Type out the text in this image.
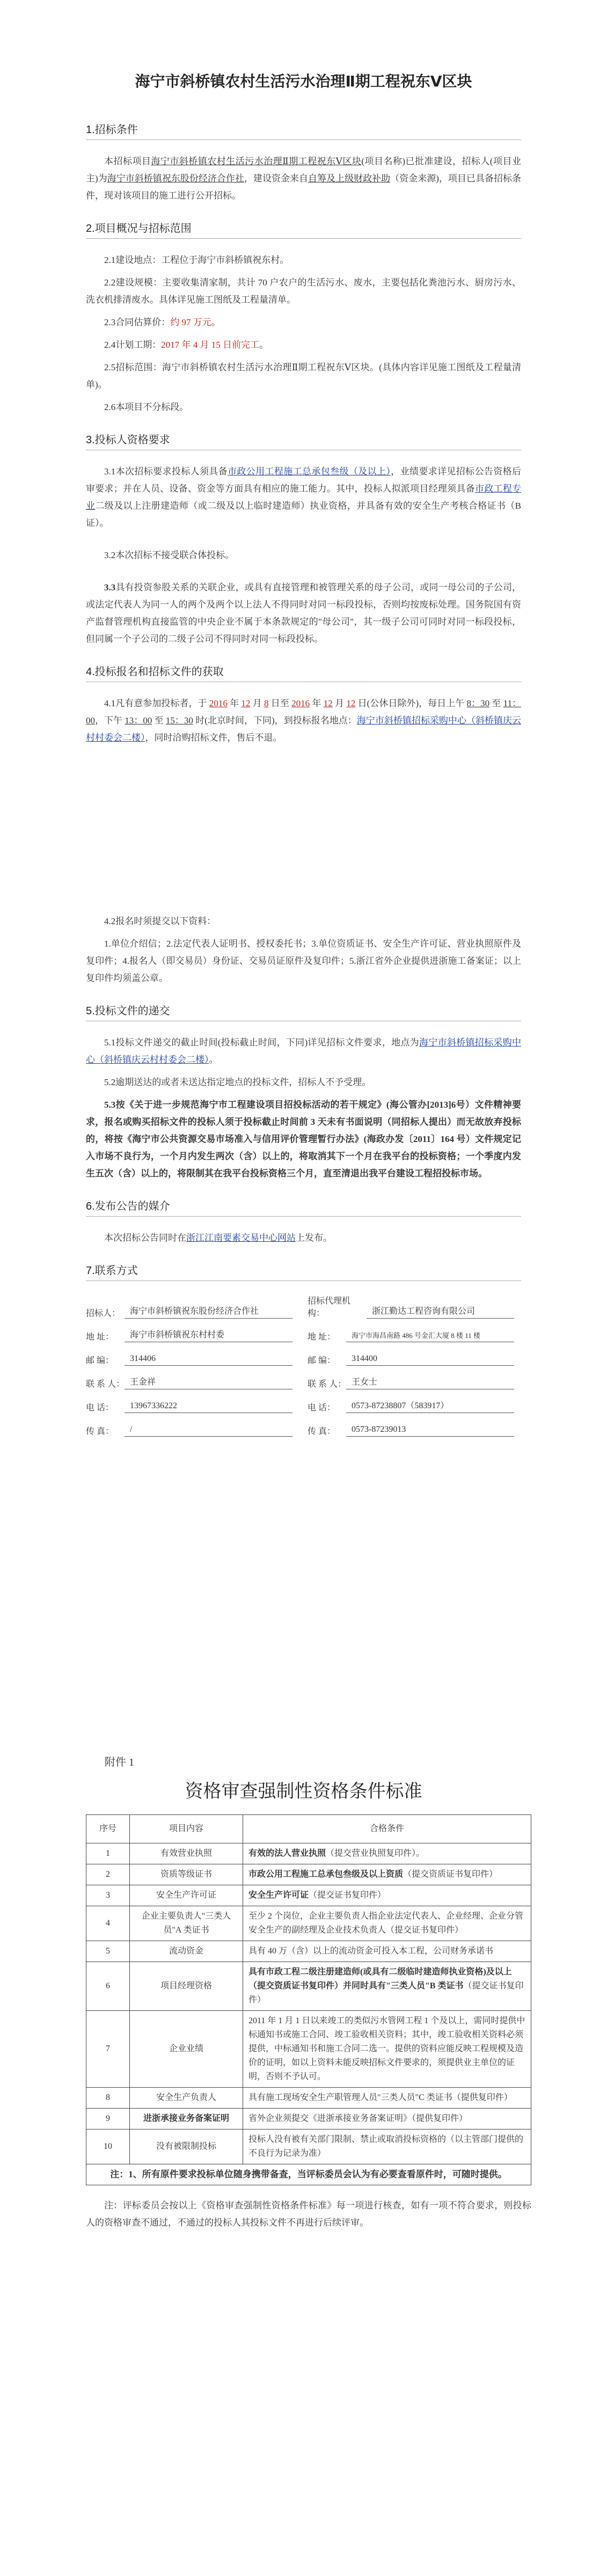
海宁市斜桥镇农村生活污水治理Ⅱ期工程祝东Ⅴ区块
1.招标条件

本招标项目海宁市斜桥镇农村生活污水治理Ⅱ期工程祝东Ⅴ区块(项目名称)已批准建设，招标人(项目业主)为海宁市斜桥镇祝东股份经济合作社，建设资金来自自筹及上级财政补助（资金来源)，项目已具备招标条件，现对该项目的施工进行公开招标。

2.项目概况与招标范围

2.1建设地点：工程位于海宁市斜桥镇祝东村。

2.2建设规模：主要收集清家制，共计 70 户农户的生活污水、废水，主要包括化粪池污水、厨房污水、洗衣机排清废水。具体详见施工图纸及工程量清单。

2.3合同估算价：约 97 万元。

2.4计划工期：2017 年 4 月 15 日前完工。

2.5招标范围：海宁市斜桥镇农村生活污水治理Ⅱ期工程祝东Ⅴ区块。(具体内容详见施工图纸及工程量清单)。

2.6本项目不分标段。

3.投标人资格要求

3.1本次招标要求投标人须具备市政公用工程施工总承包叁级（及以上），业绩要求详见招标公告资格后审要求；并在人员、设备、资金等方面具有相应的施工能力。其中，投标人拟派项目经理须具备市政工程专业二级及以上注册建造师（或二级及以上临时建造师）执业资格，并具备有效的安全生产考核合格证书（B 证）。

3.2本次招标不接受联合体投标。

3.3具有投资参股关系的关联企业，或具有直接管理和被管理关系的母子公司，或同一母公司的子公司，或法定代表人为同一人的两个及两个以上法人不得同时对同一标段投标，否则均按废标处理。国务院国有资产监督管理机构直接监管的中央企业不属于本条款规定的"母公司"，其一级子公司可同时对同一标段投标，但同属一个子公司的二级子公司不得同时对同一标段投标。

4.投标报名和招标文件的获取

4.1凡有意参加投标者，于 2016 年 12 月 8 日至 2016 年 12 月 12 日(公休日除外)，每日上午 8：30 至 11：00，下午 13：00 至 15：30 时(北京时间，下同)，到投标报名地点：海宁市斜桥镇招标采购中心（斜桥镇庆云村村委会二楼），同时洽购招标文件，售后不退。

4.2报名时须提交以下资料：

1.单位介绍信；2.法定代表人证明书、授权委托书；3.单位资质证书、安全生产许可证、营业执照原件及复印件；4.报名人（即交易员）身份证、交易员证原件及复印件；5.浙江省外企业提供进浙施工备案证；以上复印件均须盖公章。

5.投标文件的递交

5.1投标文件递交的截止时间(投标截止时间，下同)详见招标文件要求，地点为海宁市斜桥镇招标采购中心（斜桥镇庆云村村委会二楼）。

5.2逾期送达的或者未送达指定地点的投标文件，招标人不予受理。

5.3按《关于进一步规范海宁市工程建设项目招投标活动的若干规定》(海公管办[2013]6号）文件精神要求，报名或购买招标文件的投标人须于投标截止时间前 3 天未有书面说明（同招标人提出）而无故放弃投标的，将按《海宁市公共资源交易市场准入与信用评价管理暂行办法》(海政办发〔2011〕164 号）文件规定记入市场不良行为，一个月内发生两次（含）以上的，将取消其下一个月在我平台的投标资格；一个季度内发生五次（含）以上的，将限制其在我平台投标资格三个月，直至清退出我平台建设工程招投标市场。

6.发布公告的媒介

本次招标公告同时在浙江江南要素交易中心网站上发布。

7.联系方式
招标人：	海宁市斜桥镇祝东股份经济合作社
地 址：	海宁市斜桥镇祝东村村委
邮 编：	314406
联 系 人： 王金祥
电 话：	13967336222
传 真：	/
招标代理机构：	浙江勤达工程咨询有限公司
地 址：	海宁市海昌南路 486 号金汇大厦 8 楼 11 楼
邮 编：	314400
联 系 人： 王女士
电 话：	0573-87238807（583917）
传 真：	0573-87239013
附件 1
资格审查强制性资格条件标准
序号	项目内容	合格条件
1	有效营业执照	有效的法人营业执照（提交营业执照复印件）。
2	资质等级证书	市政公用工程施工总承包叁级及以上资质（提交资质证书复印件）
3	安全生产许可证	安全生产许可证（提交证书复印件）
4	企业主要负责人"三类人员"A 类证书	至少 2 个岗位，企业主要负责人指企业法定代表人、企业经理、企业分管安全生产的副经理及企业技术负责人（提交证书复印件）
5	流动资金	具有 40 万（含）以上的流动资金可投入本工程，公司财务承诺书
6	项目经理资格	具有市政工程二级注册建造师(或具有二级临时建造师执业资格)及以上（提交资质证书复印件）并同时具有"三类人员"B 类证书（提交证书复印件）
7	企业业绩	2011 年 1 月 1 日以来竣工的类似污水管网工程 1 个及以上，需同时提供中标通知书或施工合同、竣工验收相关资料；其中，竣工验收相关资料必须提供，中标通知书和施工合同二选一。提供的资料应能反映工程规模及造价的证明，如以上资料未能反映招标文件要求的，须提供业主单位的证明，否则不予认可。
8	安全生产负责人	具有施工现场安全生产职管理人员"三类人员"C 类证书（提供复印件）
9	进浙承接业务备案证明	省外企业须提交《进浙承接业务备案证明》（提供复印件）
10	没有被限制投标	投标人没有被有关部门限制、禁止或取消投标资格的（以主管部门提供的不良行为记录为准）
注：1、所有原件要求投标单位随身携带备查，当评标委员会认为有必要查看原件时，可随时提供。		

注：评标委员会按以上《资格审查强制性资格条件标准》每一项进行核查，如有一项不符合要求，则投标人的资格审查不通过，不通过的投标人其投标文件不再进行后续评审。
